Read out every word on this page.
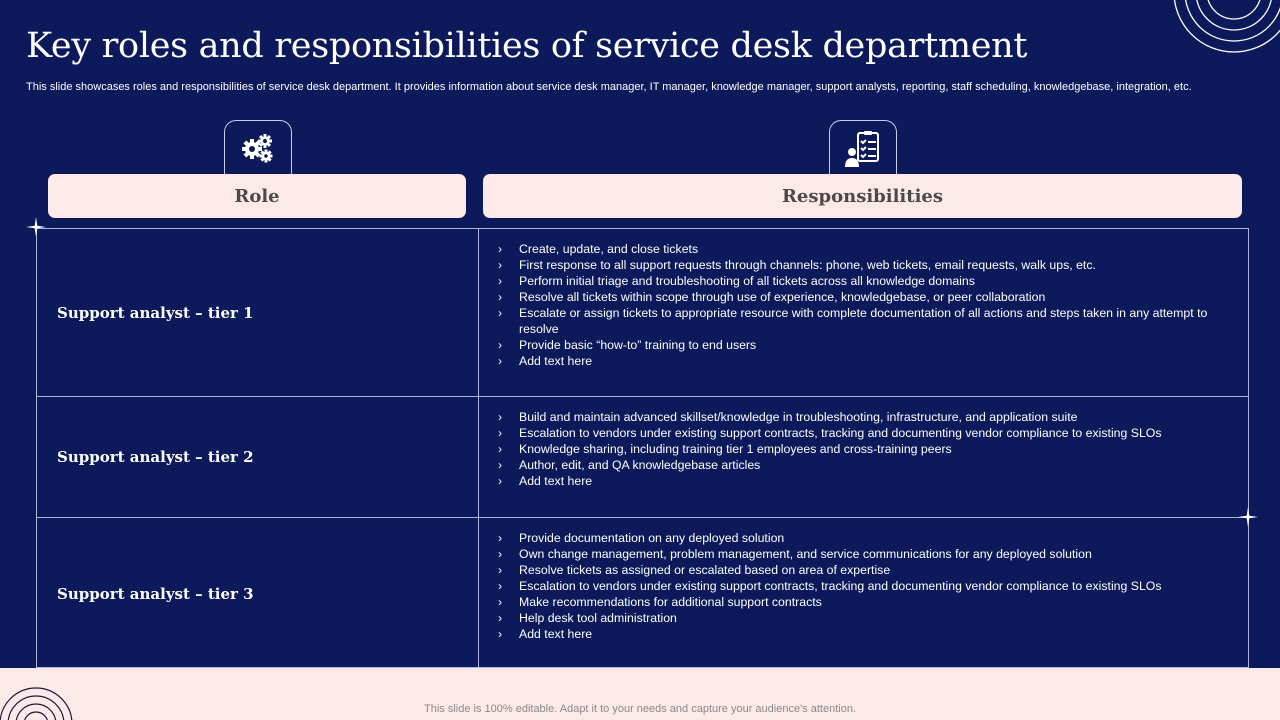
Key roles and responsibilities of service desk department

This slide showcases roles and responsibilities of service desk department. It provides information about service desk manager, IT manager, knowledge manager, support analysts, reporting, staff scheduling, knowledgebase, integration, etc.

Role	Responsibilities
Support analyst – tier 1
› Create, update, and close tickets
› First response to all support requests through channels: phone, web tickets, email requests, walk ups, etc.
› Perform initial triage and troubleshooting of all tickets across all knowledge domains
› Resolve all tickets within scope through use of experience, knowledgebase, or peer collaboration
› Escalate or assign tickets to appropriate resource with complete documentation of all actions and steps taken in any attempt to resolve
› Provide basic “how-to” training to end users
› Add text here
Support analyst – tier 2
› Build and maintain advanced skillset/knowledge in troubleshooting, infrastructure, and application suite
› Escalation to vendors under existing support contracts, tracking and documenting vendor compliance to existing SLOs
› Knowledge sharing, including training tier 1 employees and cross-training peers
› Author, edit, and QA knowledgebase articles
› Add text here
Support analyst – tier 3
› Provide documentation on any deployed solution
› Own change management, problem management, and service communications for any deployed solution
› Resolve tickets as assigned or escalated based on area of expertise
› Escalation to vendors under existing support contracts, tracking and documenting vendor compliance to existing SLOs
› Make recommendations for additional support contracts
› Help desk tool administration
› Add text here
This slide is 100% editable. Adapt it to your needs and capture your audience's attention.
